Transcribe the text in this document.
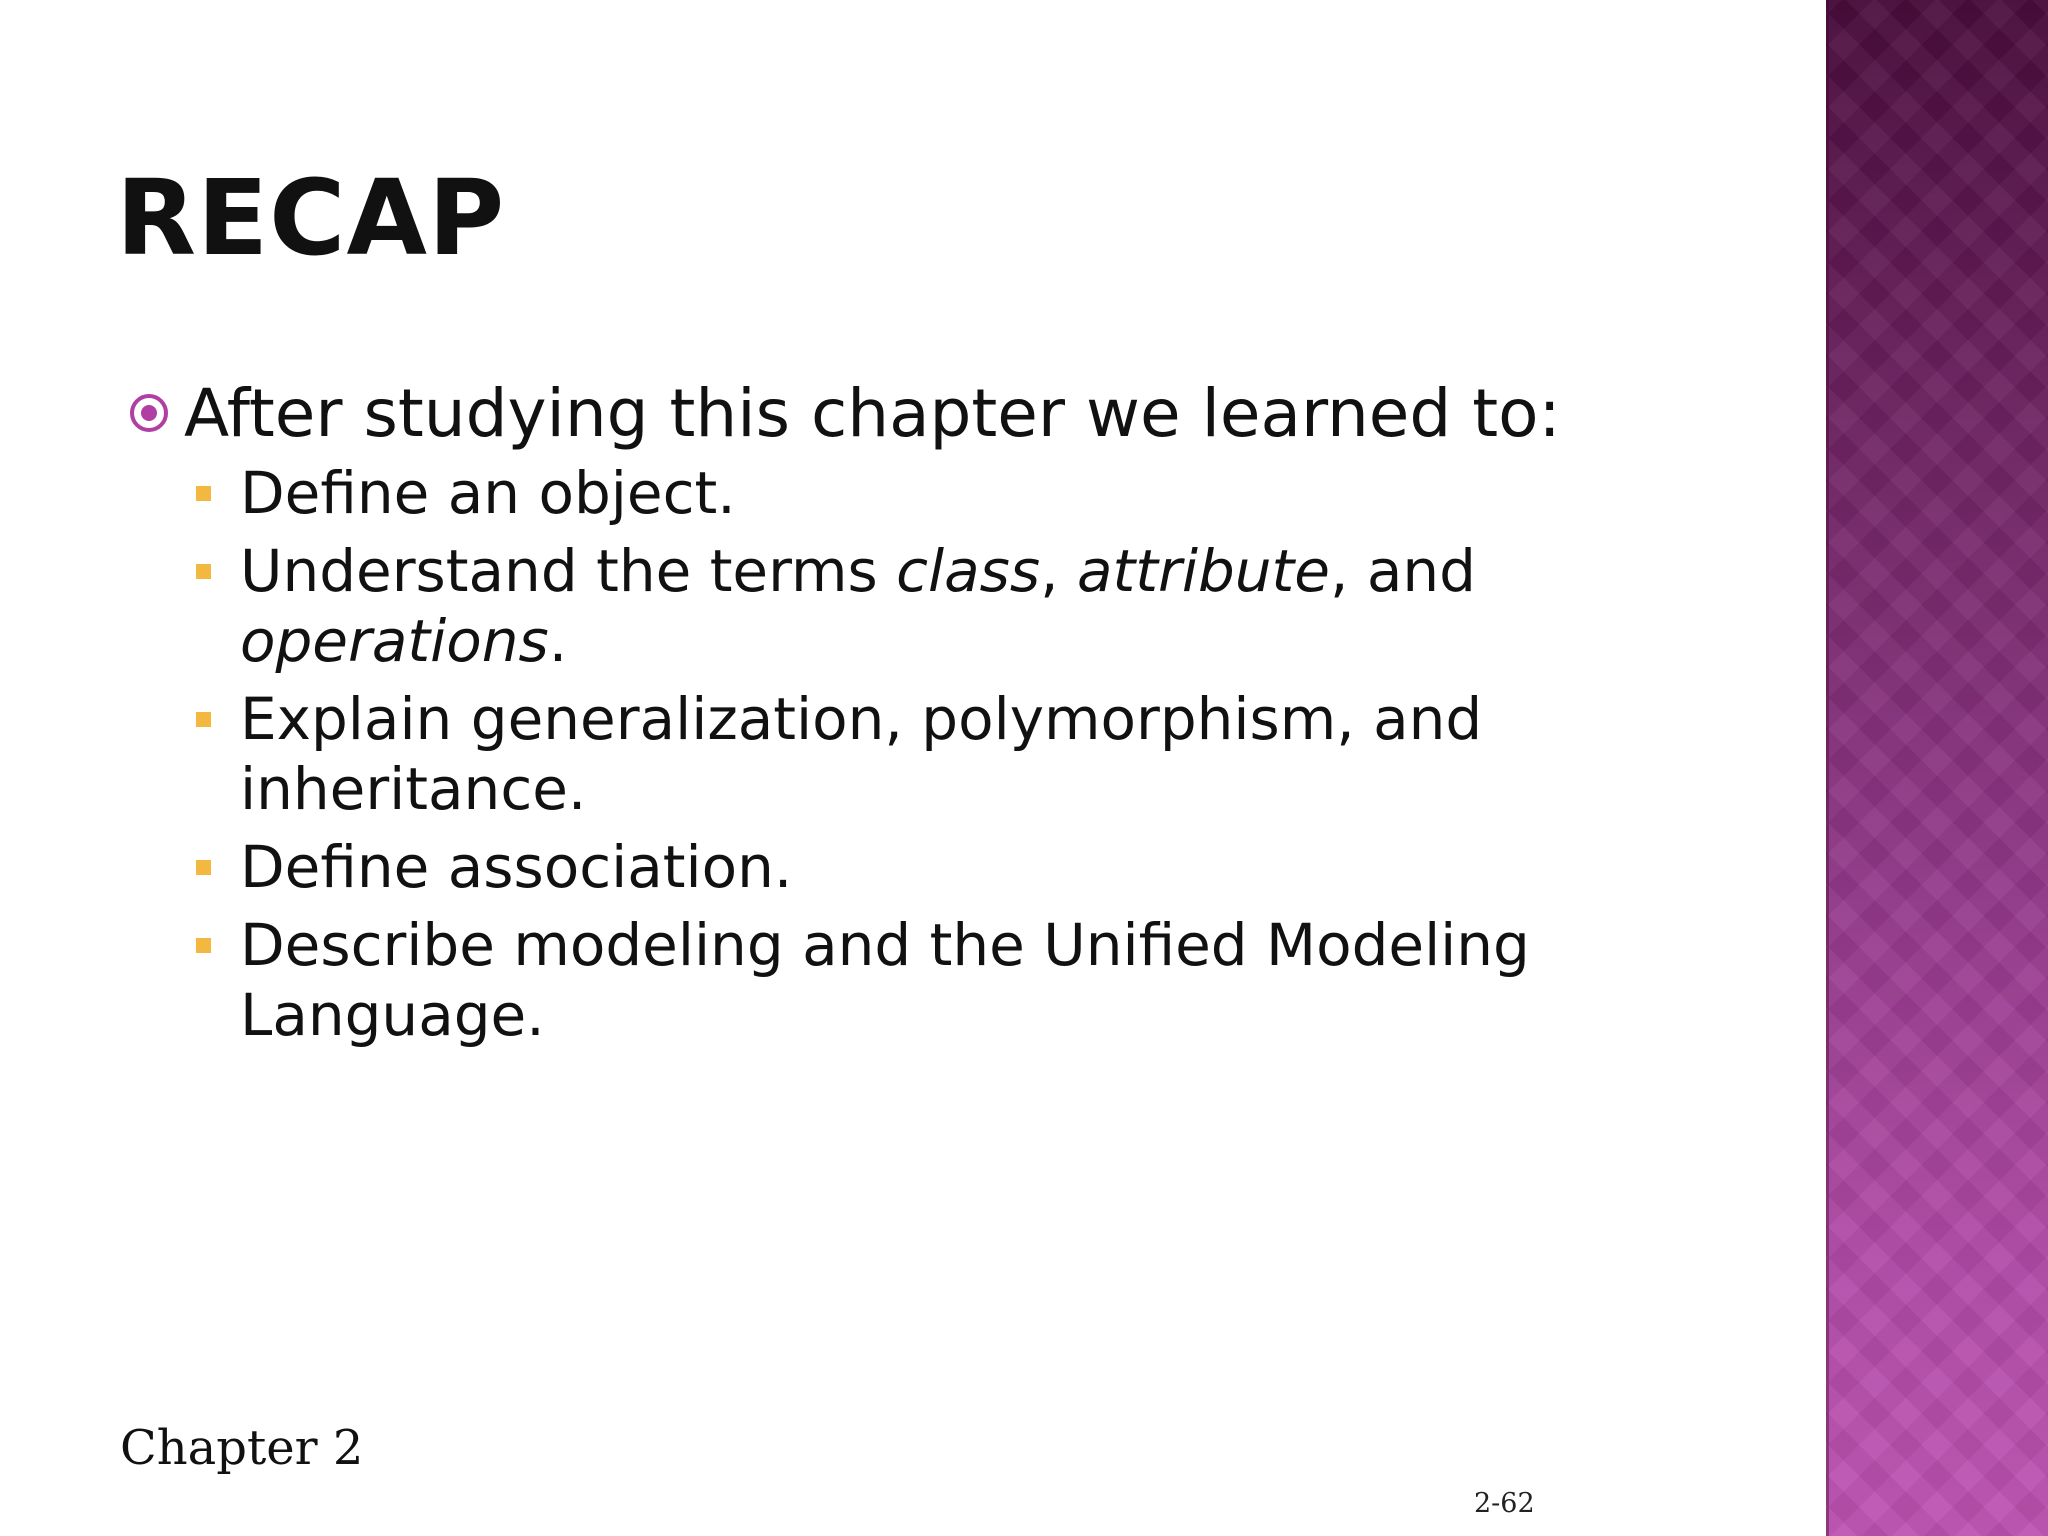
RECAP
After studying this chapter we learned to:
Define an object.
Understand the terms class, attribute, and
operations.
Explain generalization, polymorphism, and
inheritance.
Define association.
Describe modeling and the Unified Modeling
Language.
Chapter 2
2-62
